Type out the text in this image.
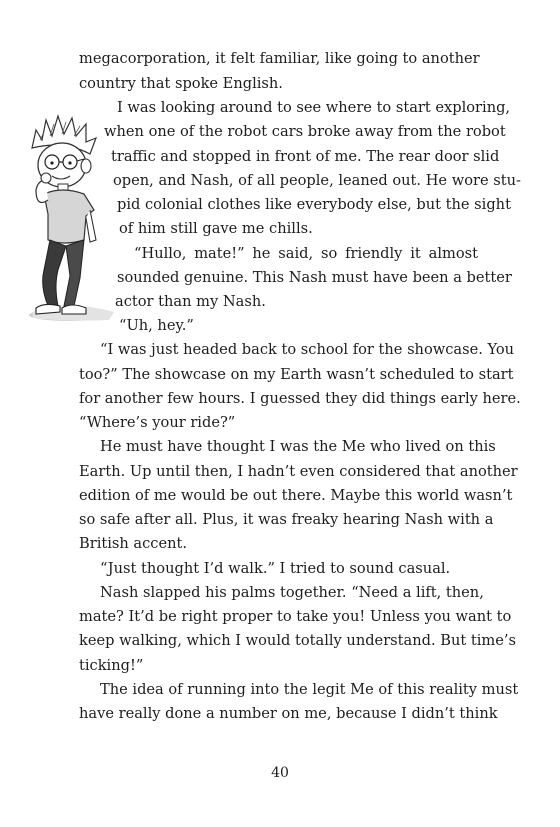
megacorporation, it felt familiar, like going to another
country that spoke English.
I was looking around to see where to start exploring,
when one of the robot cars broke away from the robot
traffic and stopped in front of me. The rear door slid
open, and Nash, of all people, leaned out. He wore stu-
pid colonial clothes like everybody else, but the sight
of him still gave me chills.
“Hullo, mate!” he said, so friendly it almost
sounded genuine. This Nash must have been a better
actor than my Nash.
“Uh, hey.”
“I was just headed back to school for the showcase. You
too?” The showcase on my Earth wasn’t scheduled to start
for another few hours. I guessed they did things early here.
“Where’s your ride?”
He must have thought I was the Me who lived on this
Earth. Up until then, I hadn’t even considered that another
edition of me would be out there. Maybe this world wasn’t
so safe after all. Plus, it was freaky hearing Nash with a
British accent.
“Just thought I’d walk.” I tried to sound casual.
Nash slapped his palms together. “Need a lift, then,
mate? It’d be right proper to take you! Unless you want to
keep walking, which I would totally understand. But time’s
ticking!”
The idea of running into the legit Me of this reality must
have really done a number on me, because I didn’t think
40
